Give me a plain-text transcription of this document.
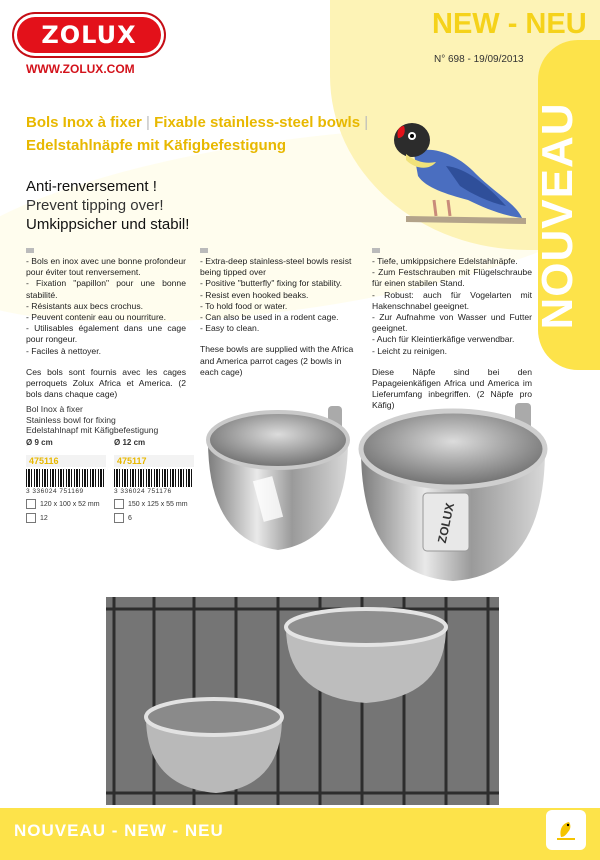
NOUVEAU
ZOLUX
WWW.ZOLUX.COM
NEW - NEU
N° 698 - 19/09/2013
Bols Inox à fixer | Fixable stainless-steel bowls |
Edelstahlnäpfe mit Käfigbefestigung
Anti-renversement !
Prevent tipping over!
Umkippsicher und stabil!

- Bols en inox avec une bonne profondeur pour éviter tout renversement.

- Fixation "papillon" pour une bonne stabilité.

- Résistants aux becs crochus.

- Peuvent contenir eau ou nourriture.

- Utilisables également dans une cage pour rongeur.

- Faciles à nettoyer.

Ces bols sont fournis avec les cages perroquets Zolux Africa et America. (2 bols dans chaque cage)

- Extra-deep stainless-steel bowls resist being tipped over

- Positive "butterfly" fixing for stability.

- Resist even hooked beaks.

- To hold food or water.

- Can also be used in a rodent cage.

- Easy to clean.

These bowls are supplied with the Africa and America parrot cages (2 bowls in each cage)

- Tiefe, umkippsichere Edelstahlnäpfe.

- Zum Festschrauben mit Flügelschraube für einen stabilen Stand.

- Robust: auch für Vogelarten mit Hakenschnabel geeignet.

- Zur Aufnahme von Wasser und Futter geeignet.

- Auch für Kleintierkäfige verwendbar.

- Leicht zu reinigen.

Diese Näpfe sind bei den Papageienkäfigen Africa und America im Lieferumfang inbegriffen. (2 Näpfe pro Käfig)

Bol Inox à fixer
Stainless bowl for fixing
Edelstahlnapf mit Käfigbefestigung
Ø 9 cm
475116
3 336024 751169
120 x 100 x 52 mm
12
Ø 12 cm
475117
3 336024 751176
150 x 125 x 55 mm
6	ZOLUX
NOUVEAU - NEW - NEU
